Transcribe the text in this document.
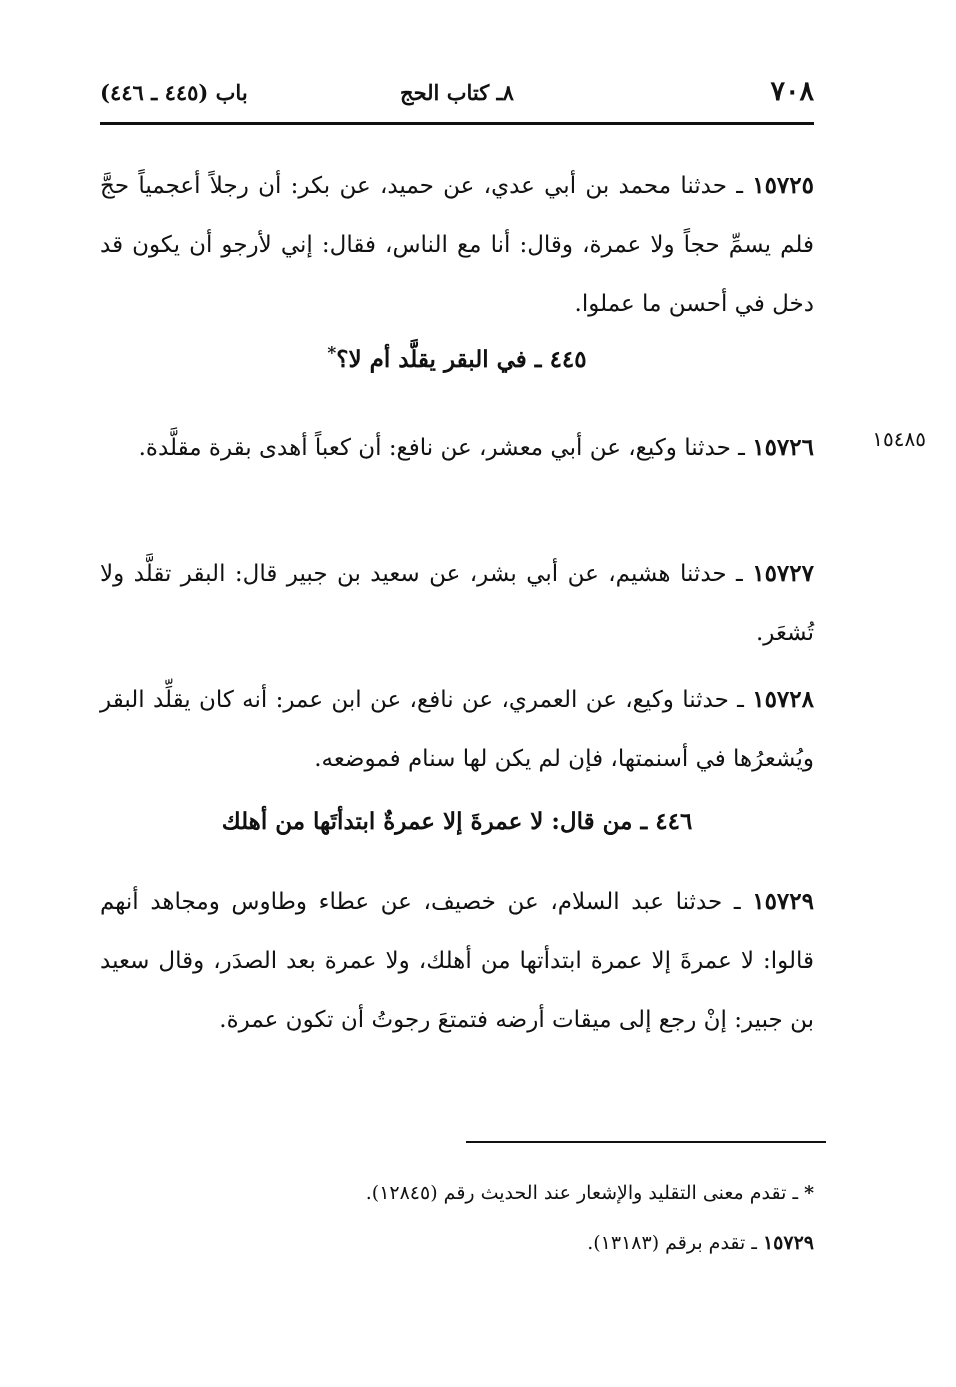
٧٠٨
٨ـ كتاب الحج
باب (٤٤٥ ـ ٤٤٦)
١٥٧٢٥ ـ حدثنا محمد بن أبي عدي، عن حميد، عن بكر: أن رجلاً أعجمياً حجَّ فلم يسمِّ حجاً ولا عمرة، وقال: أنا مع الناس، فقال: إني لأرجو أن يكون قد دخل في أحسن ما عملوا.
٤٤٥ ـ في البقر يقلَّد أم لا؟*
١٥٤٨٥
١٥٧٢٦ ـ حدثنا وكيع، عن أبي معشر، عن نافع: أن كعباً أهدى بقرة مقلَّدة.
١٥٧٢٧ ـ حدثنا هشيم، عن أبي بشر، عن سعيد بن جبير قال: البقر تقلَّد ولا تُشعَر.
١٥٧٢٨ ـ حدثنا وكيع، عن العمري، عن نافع، عن ابن عمر: أنه كان يقلِّد البقر ويُشعرُها في أسنمتها، فإن لم يكن لها سنام فموضعه.
٤٤٦ ـ من قال: لا عمرةَ إلا عمرةٌ ابتدأتَها من أهلك
١٥٧٢٩ ـ حدثنا عبد السلام، عن خصيف، عن عطاء وطاوس ومجاهد أنهم قالوا: لا عمرةَ إلا عمرة ابتدأتها من أهلك، ولا عمرة بعد الصدَر، وقال سعيد بن جبير: إنْ رجع إلى ميقات أرضه فتمتعَ رجوتُ أن تكون عمرة.
* ـ تقدم معنى التقليد والإشعار عند الحديث رقم (١٢٨٤٥).
١٥٧٢٩ ـ تقدم برقم (١٣١٨٣).
